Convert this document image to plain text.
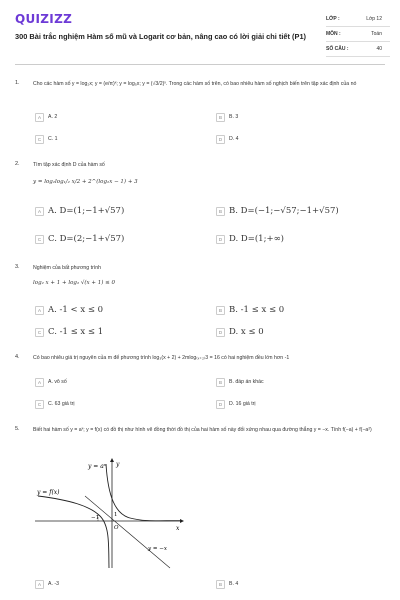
QUIZIZZ
300 Bài trắc nghiệm Hàm số mũ và Logarit cơ bản, nâng cao có lời giải chi tiết (P1)
LỚP :	Lớp 12
MÔN :	Toán
SỐ CÂU :	40
1.	Cho các hàm số y = log₂x; y = (e/π)ˣ; y = log₅x; y = (√3/2)ˣ. Trong các hàm số trên, có bao nhiêu hàm số nghịch biến trên tập xác định của nó
A	A. 2	B	B. 3
C	C. 1	D	D. 4
2.	Tìm tập xác định D của hàm số
y = log₂log₁/₂ x/2 + 2^(log₂x − 1) + 3
A A. D=(1;−1+√57)	B B. D=(−1;−√57;−1+√57)
C C. D=(2;−1+√57)	D D. D=(1;+∞)
3.	Nghiệm của bất phương trình
log₂ x + 1 + log₂ √(x + 1) ≤ 0
A A. -1 < x ≤ 0	B B. -1 ≤ x ≤ 0
C C. -1 ≤ x ≤ 1	D D. x ≤ 0
4.	Có bao nhiêu giá trị nguyên của m để phương trình log₃(x + 2) + 2mlog₍ₓ₊₂₎3 = 16 có hai nghiệm đều lớn hơn -1
A	A. vô số	B	B. đáp án khác
C	C. 63 giá trị	D	D. 16 giá trị
5.	Biết hai hàm số y = aˣ; y = f(x) có đồ thị như hình vẽ đồng thời đồ thị của hai hàm số này đối xứng nhau qua đường thẳng y = −x. Tính f(−a) + f(−a²)
A	A. -3	B	B. 4
y = aˣ
y = f(x)
y
x
O
−1	1
y = −x
